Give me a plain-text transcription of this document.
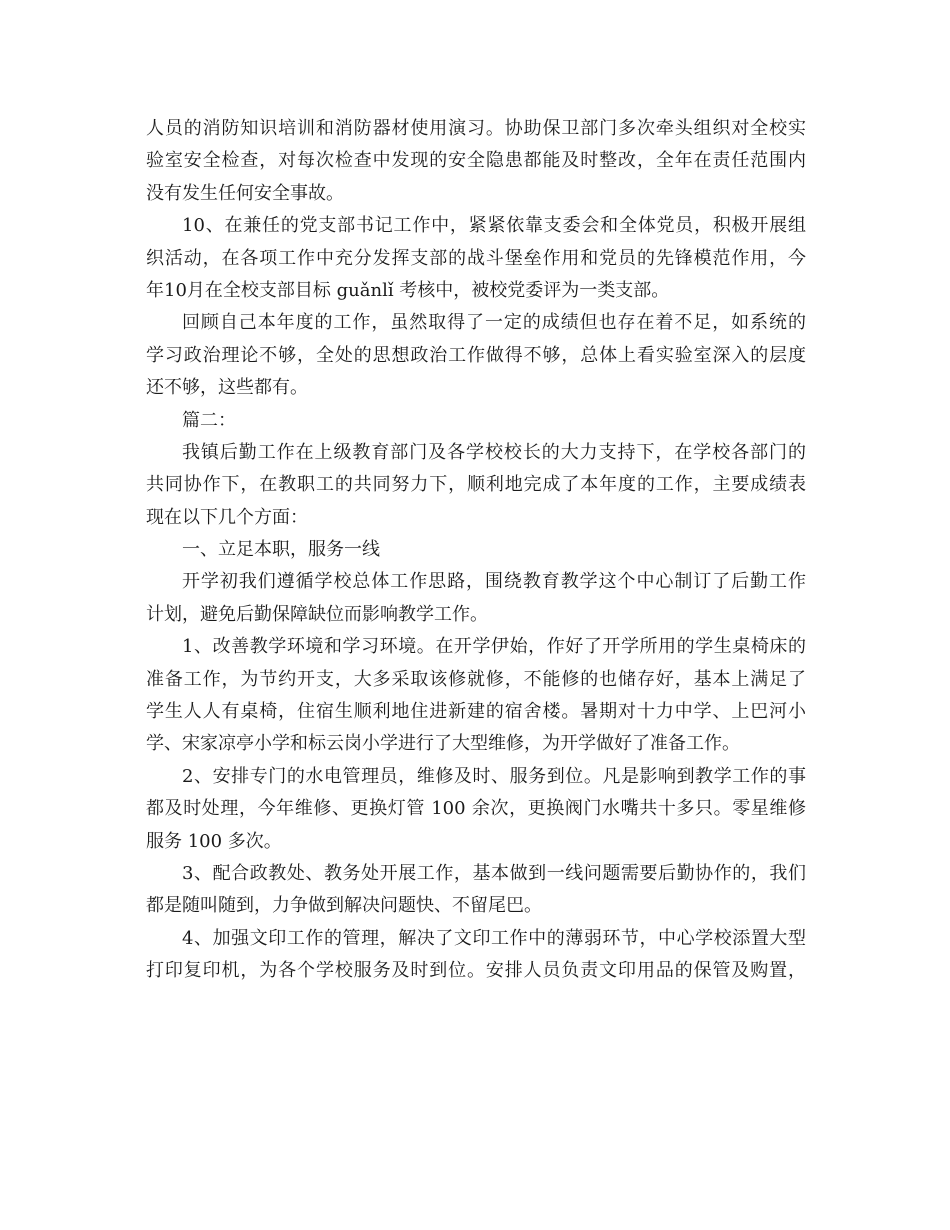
人员的消防知识培训和消防器材使用演习。协助保卫部门多次牵头组织对全校实
验室安全检查，对每次检查中发现的安全隐患都能及时整改，全年在责任范围内
没有发生任何安全事故。
10、在兼任的党支部书记工作中，紧紧依靠支委会和全体党员，积极开展组
织活动，在各项工作中充分发挥支部的战斗堡垒作用和党员的先锋模范作用，今
年10月在全校支部目标 guǎnlǐ 考核中，被校党委评为一类支部。
回顾自己本年度的工作，虽然取得了一定的成绩但也存在着不足，如系统的
学习政治理论不够，全处的思想政治工作做得不够，总体上看实验室深入的层度
还不够，这些都有。
篇二：
我镇后勤工作在上级教育部门及各学校校长的大力支持下，在学校各部门的
共同协作下，在教职工的共同努力下，顺利地完成了本年度的工作，主要成绩表
现在以下几个方面：
一、立足本职，服务一线
开学初我们遵循学校总体工作思路，围绕教育教学这个中心制订了后勤工作
计划，避免后勤保障缺位而影响教学工作。
1、改善教学环境和学习环境。在开学伊始，作好了开学所用的学生桌椅床的
准备工作，为节约开支，大多采取该修就修，不能修的也储存好，基本上满足了
学生人人有桌椅，住宿生顺利地住进新建的宿舍楼。暑期对十力中学、上巴河小
学、宋家凉亭小学和标云岗小学进行了大型维修，为开学做好了准备工作。
2、安排专门的水电管理员，维修及时、服务到位。凡是影响到教学工作的事
都及时处理，今年维修、更换灯管 100 余次，更换阀门水嘴共十多只。零星维修
服务 100 多次。
3、配合政教处、教务处开展工作，基本做到一线问题需要后勤协作的，我们
都是随叫随到，力争做到解决问题快、不留尾巴。
4、加强文印工作的管理，解决了文印工作中的薄弱环节，中心学校添置大型
打印复印机，为各个学校服务及时到位。安排人员负责文印用品的保管及购置，
